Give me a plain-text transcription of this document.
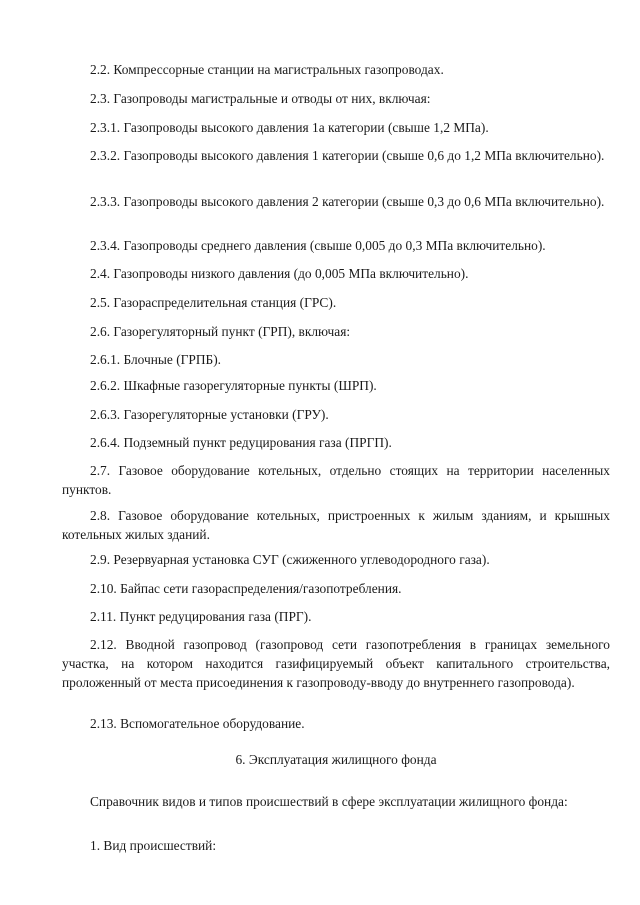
2.2. Компрессорные станции на магистральных газопроводах.

2.3. Газопроводы магистральные и отводы от них, включая:

2.3.1. Газопроводы высокого давления 1а категории (свыше 1,2 МПа).

2.3.2. Газопроводы высокого давления 1 категории (свыше 0,6 до 1,2 МПа включительно).

2.3.3. Газопроводы высокого давления 2 категории (свыше 0,3 до 0,6 МПа включительно).

2.3.4. Газопроводы среднего давления (свыше 0,005 до 0,3 МПа включительно).

2.4. Газопроводы низкого давления (до 0,005 МПа включительно).

2.5. Газораспределительная станция (ГРС).

2.6. Газорегуляторный пункт (ГРП), включая:

2.6.1. Блочные (ГРПБ).

2.6.2. Шкафные газорегуляторные пункты (ШРП).

2.6.3. Газорегуляторные установки (ГРУ).

2.6.4. Подземный пункт редуцирования газа (ПРГП).

2.7. Газовое оборудование котельных, отдельно стоящих на территории населенных пунктов.

2.8. Газовое оборудование котельных, пристроенных к жилым зданиям, и крышных котельных жилых зданий.

2.9. Резервуарная установка СУГ (сжиженного углеводородного газа).

2.10. Байпас сети газораспределения/газопотребления.

2.11. Пункт редуцирования газа (ПРГ).

2.12. Вводной газопровод (газопровод сети газопотребления в границах земельного участка, на котором находится газифицируемый объект капитального строительства, проложенный от места присоединения к газопроводу-вводу до внутреннего газопровода).

2.13. Вспомогательное оборудование.

6. Эксплуатация жилищного фонда

Справочник видов и типов происшествий в сфере эксплуатации жилищного фонда:

1. Вид происшествий:
